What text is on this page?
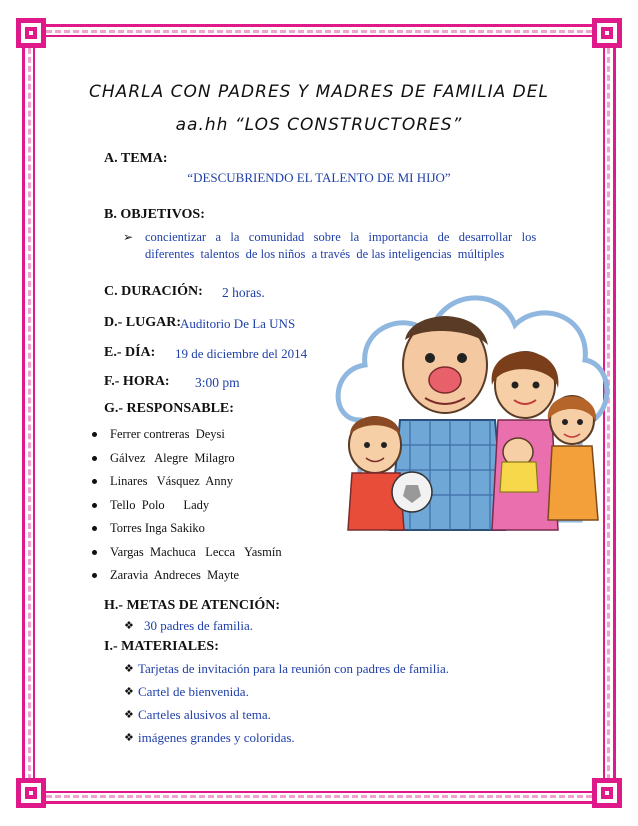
CHARLA CON PADRES Y MADRES DE FAMILIA DEL
aa.hh “LOS CONSTRUCTORES”
A. TEMA:
“DESCUBRIENDO EL TALENTO DE MI HIJO”
B. OBJETIVOS:
➢ concientizar   a   la   comunidad   sobre   la   importancia   de   desarrollar   los
diferentes  talentos  de los niños  a través  de las inteligencias  múltiples
C. DURACIÓN: 2 horas.
D.- LUGAR: Auditorio De La UNS
E.- DÍA: 19 de diciembre del 2014
F.- HORA: 3:00 pm
G.- RESPONSABLE:
Ferrer contreras  Deysi
Gálvez   Alegre  Milagro
Linares   Vásquez  Anny
Tello  Polo      Lady
Torres Inga Sakiko
Vargas  Machuca   Lecca   Yasmín
Zaravia  Andreces  Mayte
H.- METAS DE ATENCIÓN:
❖ 30 padres de familia.
I.- MATERIALES:
❖ Tarjetas de invitación para la reunión con padres de familia.
❖ Cartel de bienvenida.
❖ Carteles alusivos al tema.
❖ imágenes grandes y coloridas.
